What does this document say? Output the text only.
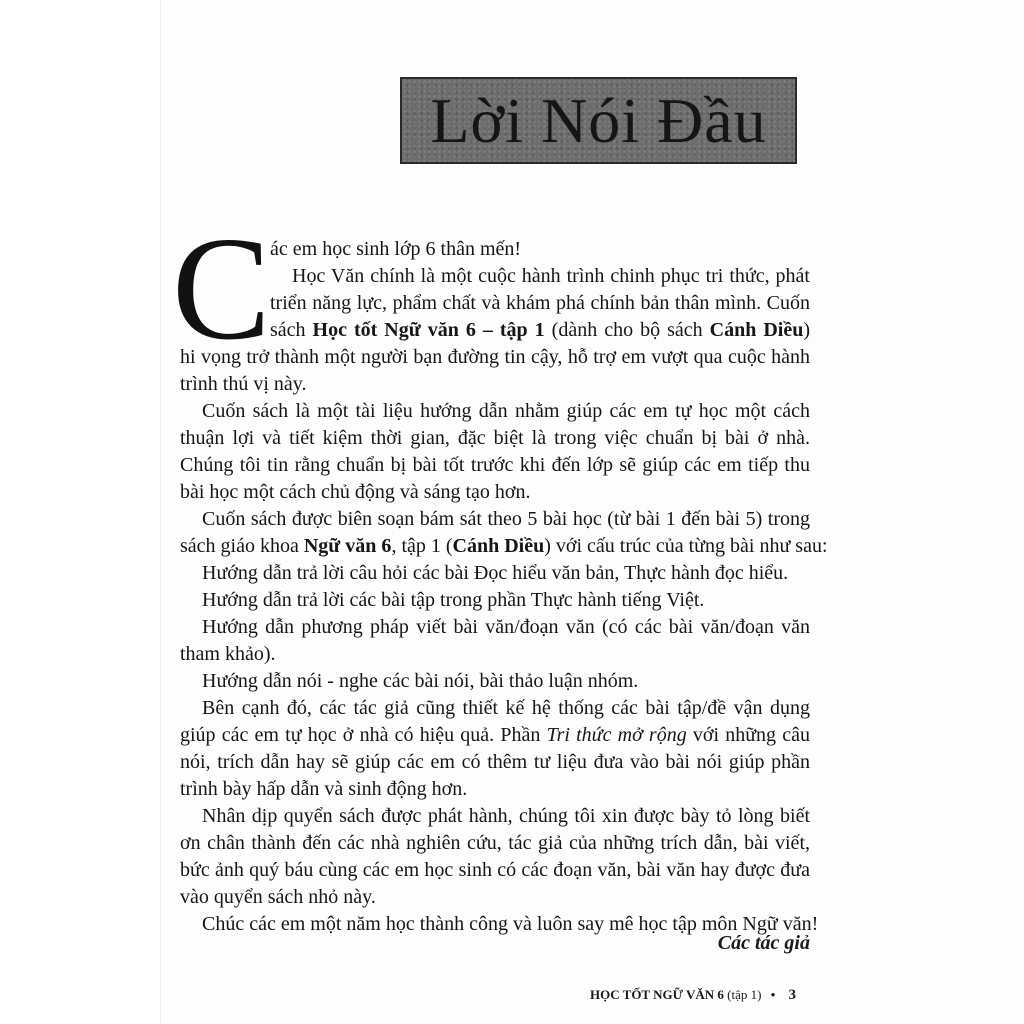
Lời Nói Đầu
C ác em học sinh lớp 6 thân mến!
Học Văn chính là một cuộc hành trình chinh phục tri thức, phát
triển năng lực, phẩm chất và khám phá chính bản thân mình. Cuốn
sách Học tốt Ngữ văn 6 – tập 1 (dành cho bộ sách Cánh Diều)
hi vọng trở thành một người bạn đường tin cậy, hỗ trợ em vượt qua cuộc hành
trình thú vị này.
Cuốn sách là một tài liệu hướng dẫn nhằm giúp các em tự học một cách
thuận lợi và tiết kiệm thời gian, đặc biệt là trong việc chuẩn bị bài ở nhà.
Chúng tôi tin rằng chuẩn bị bài tốt trước khi đến lớp sẽ giúp các em tiếp thu
bài học một cách chủ động và sáng tạo hơn.
Cuốn sách được biên soạn bám sát theo 5 bài học (từ bài 1 đến bài 5) trong
sách giáo khoa Ngữ văn 6, tập 1 (Cánh Diều) với cấu trúc của từng bài như sau:
Hướng dẫn trả lời câu hỏi các bài Đọc hiểu văn bản, Thực hành đọc hiểu.
Hướng dẫn trả lời các bài tập trong phần Thực hành tiếng Việt.
Hướng dẫn phương pháp viết bài văn/đoạn văn (có các bài văn/đoạn văn
tham khảo).
Hướng dẫn nói - nghe các bài nói, bài thảo luận nhóm.
Bên cạnh đó, các tác giả cũng thiết kế hệ thống các bài tập/đề vận dụng
giúp các em tự học ở nhà có hiệu quả. Phần Tri thức mở rộng với những câu
nói, trích dẫn hay sẽ giúp các em có thêm tư liệu đưa vào bài nói giúp phần
trình bày hấp dẫn và sinh động hơn.
Nhân dịp quyển sách được phát hành, chúng tôi xin được bày tỏ lòng biết
ơn chân thành đến các nhà nghiên cứu, tác giả của những trích dẫn, bài viết,
bức ảnh quý báu cùng các em học sinh có các đoạn văn, bài văn hay được đưa
vào quyển sách nhỏ này.
Chúc các em một năm học thành công và luôn say mê học tập môn Ngữ văn!
Các tác giả
HỌC TỐT NGỮ VĂN 6 (tập 1) • 3
